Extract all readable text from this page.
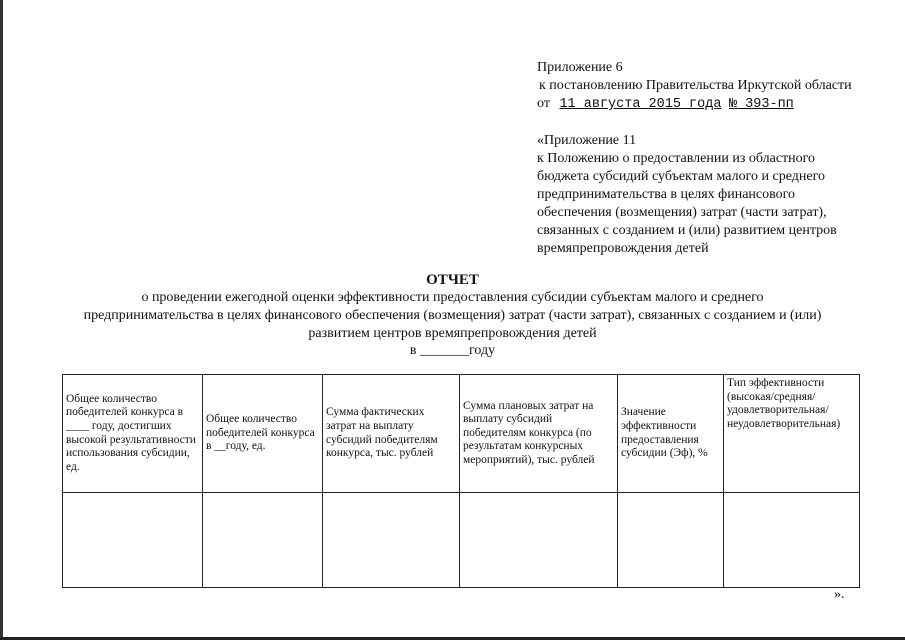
Приложение 6
к постановлению Правительства Иркутской области
от 11 августа 2015 года № 393-пп
«Приложение 11
к Положению о предоставлении из областного
бюджета субсидий субъектам малого и среднего
предпринимательства в целях финансового
обеспечения (возмещения) затрат (части затрат),
связанных с созданием и (или) развитием центров
времяпрепровождения детей
ОТЧЕТ
о проведении ежегодной оценки эффективности предоставления субсидии субъектам малого и среднего
предпринимательства в целях финансового обеспечения (возмещения) затрат (части затрат), связанных с созданием и (или)
развитием центров времяпрепровождения детей
в _______году
Общее количество победителей конкурса в ____ году, достигших высокой результативности использования субсидии, ед.	Общее количество победителей конкурса в __году, ед.	Сумма фактических затрат на выплату субсидий победителям конкурса, тыс. рублей	Сумма плановых затрат на выплату субсидий победителям конкурса (по результатам конкурсных мероприятий), тыс. рублей	Значение эффективности предоставления субсидии (Эф), %	Тип эффективности (высокая/средняя/ удовлетворительная/ неудовлетворительная)

».
